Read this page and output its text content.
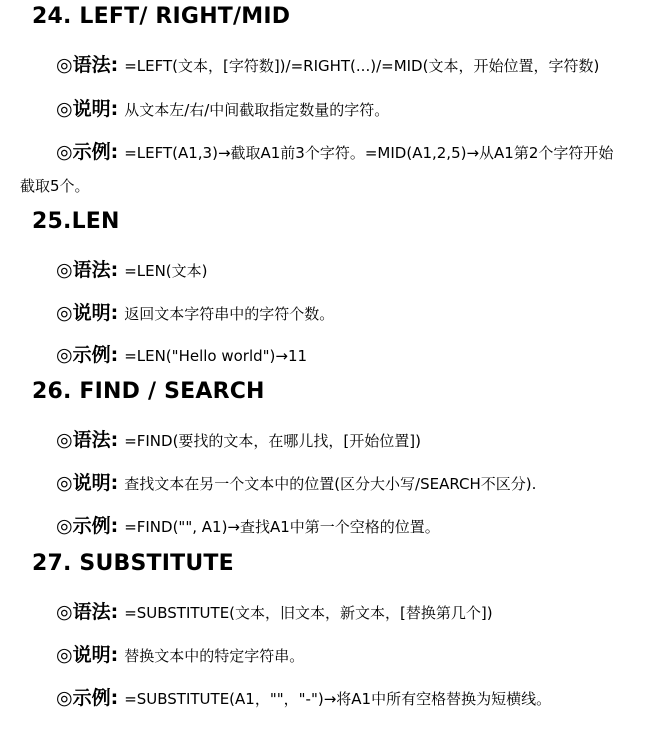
24. LEFT/ RIGHT/MID
◎语法: =LEFT(文本，[字符数])/=RIGHT(...)/=MID(文本，开始位置，字符数)
◎说明: 从文本左/右/中间截取指定数量的字符。
◎示例: =LEFT(A1,3)→截取A1前3个字符。=MID(A1,2,5)→从A1第2个字符开始
截取5个。
25.LEN
◎语法: =LEN(文本)
◎说明: 返回文本字符串中的字符个数。
◎示例: =LEN("Hello world")→11
26. FIND / SEARCH
◎语法: =FIND(要找的文本，在哪儿找，[开始位置])
◎说明: 查找文本在另一个文本中的位置(区分大小写/SEARCH不区分).
◎示例: =FIND("", A1)→查找A1中第一个空格的位置。
27. SUBSTITUTE
◎语法: =SUBSTITUTE(文本，旧文本，新文本，[替换第几个])
◎说明: 替换文本中的特定字符串。
◎示例: =SUBSTITUTE(A1，""，"-")→将A1中所有空格替换为短横线。
